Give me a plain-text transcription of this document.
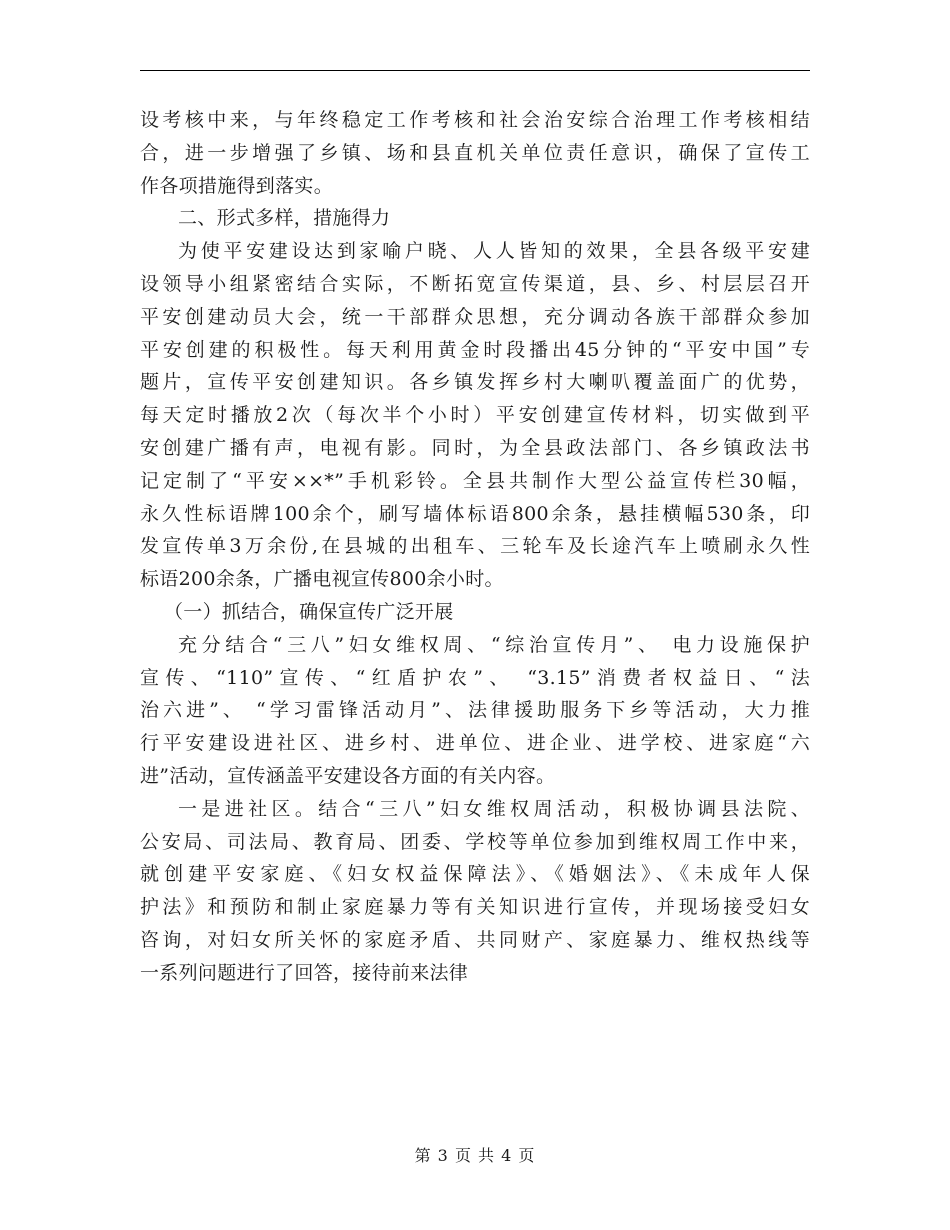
设考核中来，与年终稳定工作考核和社会治安综合治理工作考核相结
合，进一步增强了乡镇、场和县直机关单位责任意识，确保了宣传工
作各项措施得到落实。
二、形式多样，措施得力
为使平安建设达到家喻户晓、人人皆知的效果，全县各级平安建
设领导小组紧密结合实际，不断拓宽宣传渠道，县、乡、村层层召开
平安创建动员大会，统一干部群众思想，充分调动各族干部群众参加
平安创建的积极性。每天利用黄金时段播出45分钟的“平安中国”专
题片，宣传平安创建知识。各乡镇发挥乡村大喇叭覆盖面广的优势，
每天定时播放2次（每次半个小时）平安创建宣传材料，切实做到平
安创建广播有声，电视有影。同时，为全县政法部门、各乡镇政法书
记定制了“平安××*”手机彩铃。全县共制作大型公益宣传栏30幅，
永久性标语牌100余个，刷写墙体标语800余条，悬挂横幅530条，印
发宣传单3万余份,在县城的出租车、三轮车及长途汽车上喷刷永久性
标语200余条，广播电视宣传800余小时。
（一）抓结合，确保宣传广泛开展
充分结合“三八”妇女维权周、“综治宣传月”、 电力设施保护
宣传、“110”宣传、“红盾护农”、 “3.15”消费者权益日、“法
治六进”、 “学习雷锋活动月”、法律援助服务下乡等活动，大力推
行平安建设进社区、进乡村、进单位、进企业、进学校、进家庭“六
进”活动，宣传涵盖平安建设各方面的有关内容。
一是进社区。结合“三八”妇女维权周活动，积极协调县法院、
公安局、司法局、教育局、团委、学校等单位参加到维权周工作中来，
就创建平安家庭、《妇女权益保障法》、《婚姻法》、《未成年人保
护法》和预防和制止家庭暴力等有关知识进行宣传，并现场接受妇女
咨询，对妇女所关怀的家庭矛盾、共同财产、家庭暴力、维权热线等
一系列问题进行了回答，接待前来法律
第 3 页 共 4 页
